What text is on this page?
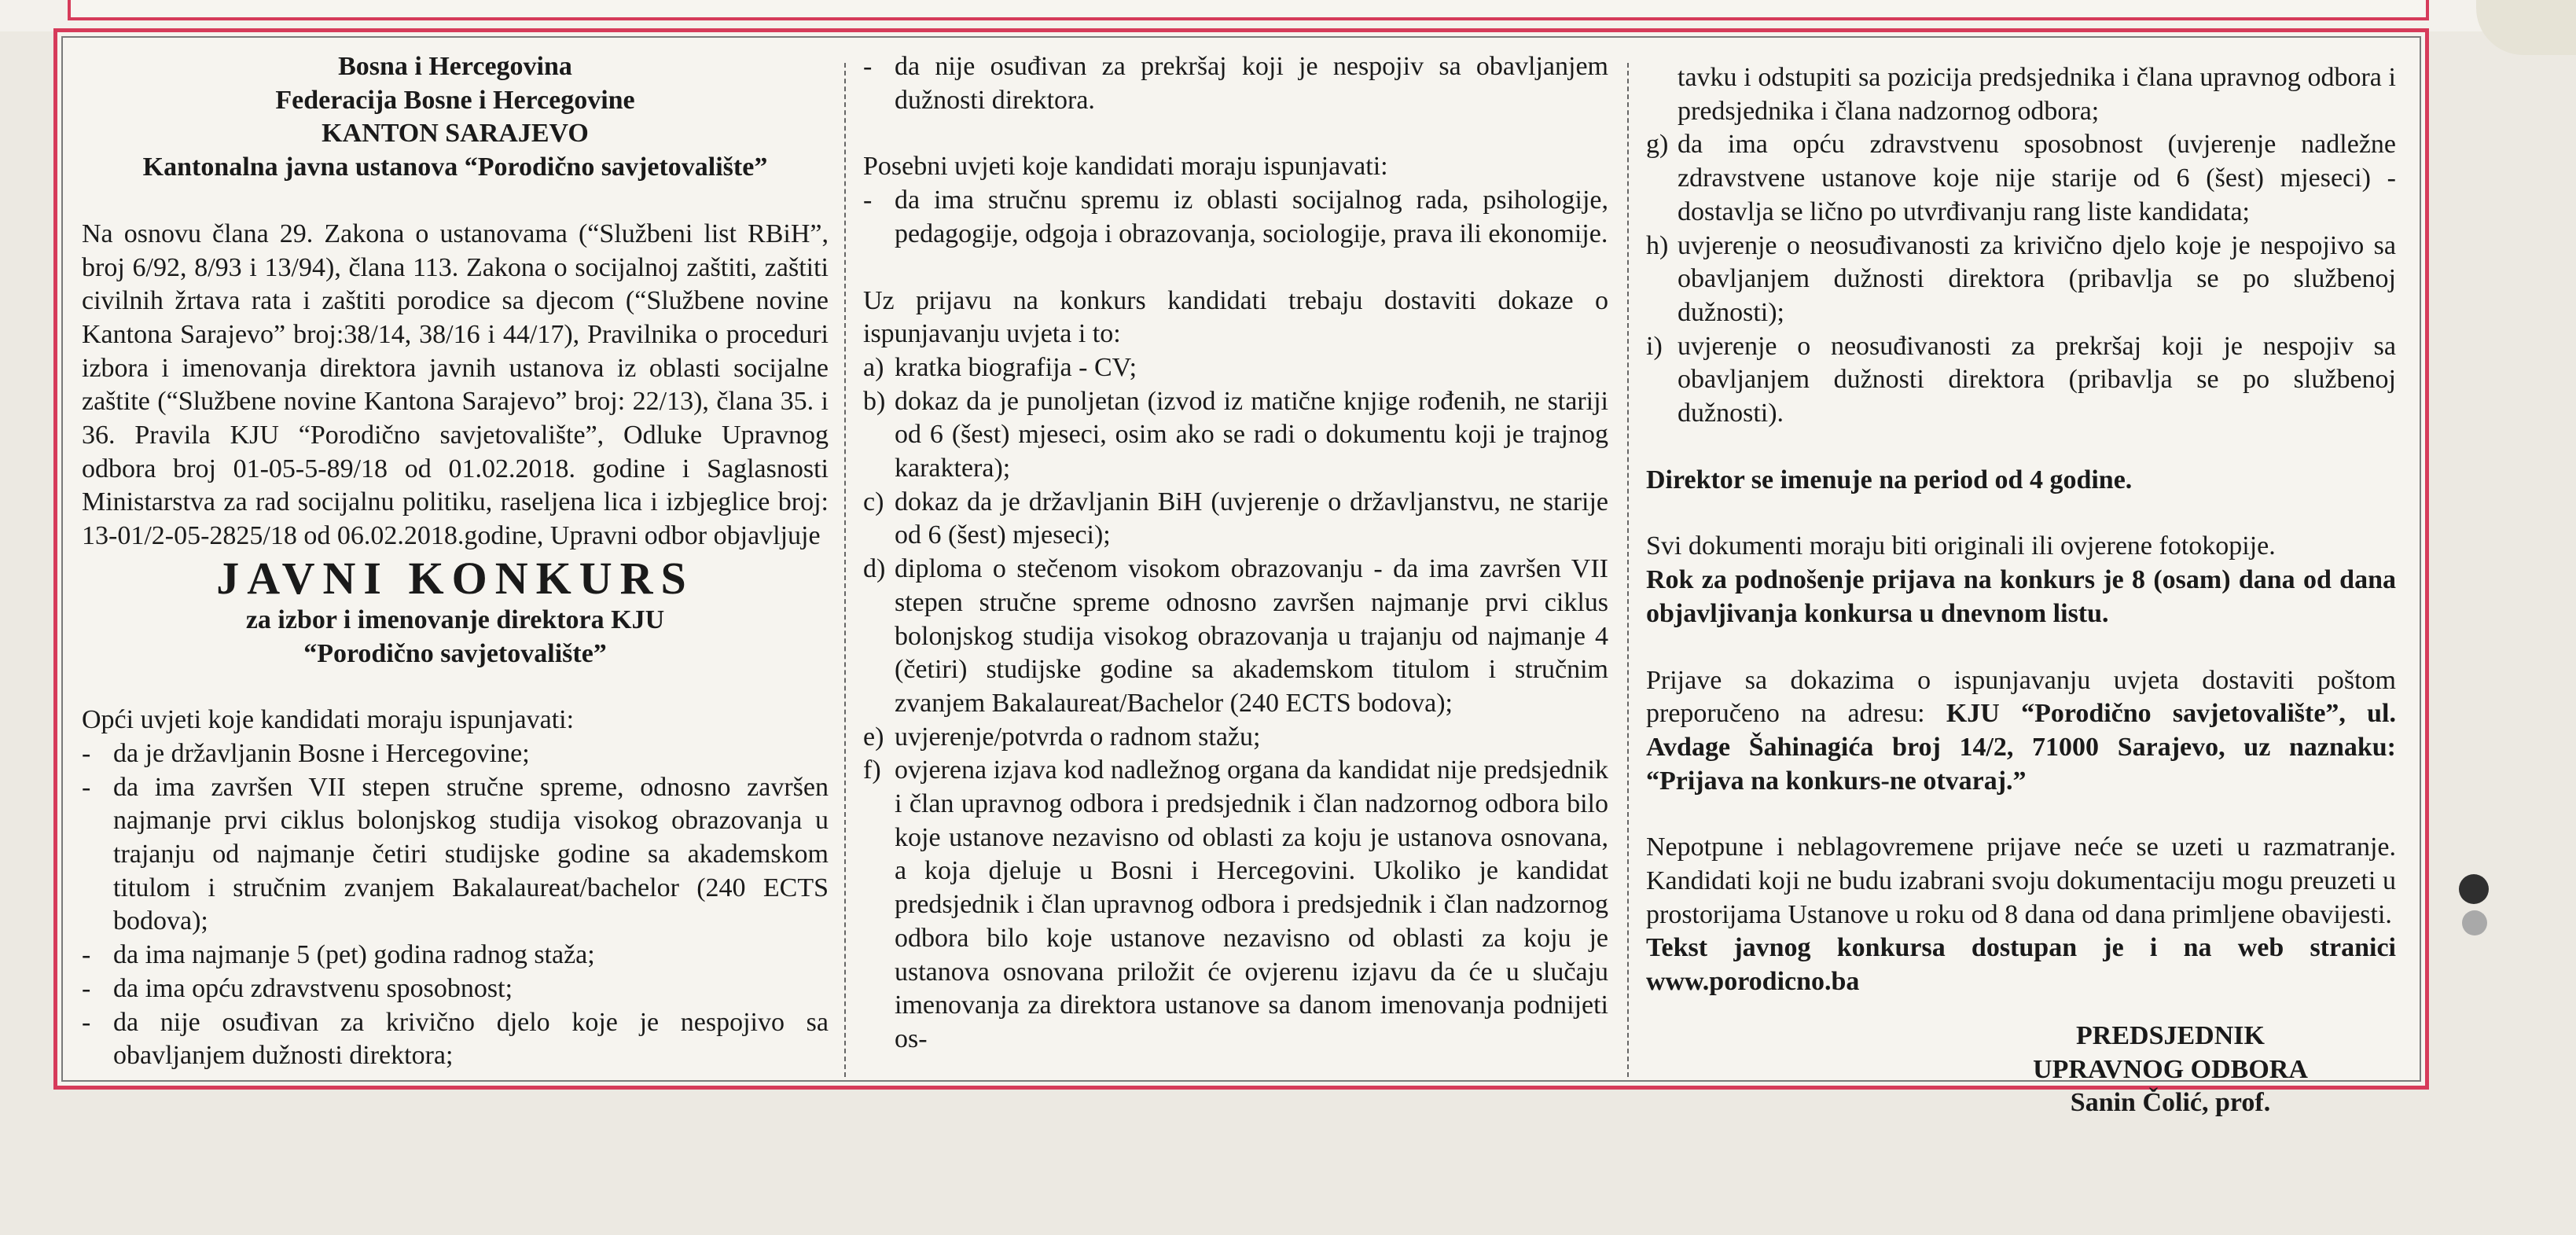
Bosna i Hercegovina

Federacija Bosne i Hercegovine

KANTON SARAJEVO

Kantonalna javna ustanova “Porodično savjetovalište”

Na osnovu člana 29. Zakona o ustanovama (“Službeni list RBiH”, broj 6/92, 8/93 i 13/94), člana 113. Zakona o socijalnoj zaštiti, zaštiti civilnih žrtava rata i zaštiti porodice sa djecom (“Službene novine Kantona Sarajevo” broj:38/14, 38/16 i 44/17), Pravilnika o proceduri izbora i imenovanja direktora javnih ustanova iz oblasti socijalne zaštite (“Službene novine Kantona Sarajevo” broj: 22/13), člana 35. i 36. Pravila KJU “Porodično savjetovalište”, Odluke Upravnog odbora broj 01-05-5-89/18 od 01.02.2018. godine i Saglasnosti Ministarstva za rad socijalnu politiku, raseljena lica i izbjeglice broj: 13-01/2-05-2825/18 od 06.02.2018.godine, Upravni odbor objavljuje

JAVNI KONKURS

za izbor i imenovanje direktora KJU

“Porodično savjetovalište”

Opći uvjeti koje kandidati moraju ispunjavati:

- da je državljanin Bosne i Hercegovine;
- da ima završen VII stepen stručne spreme, odnosno završen najmanje prvi ciklus bolonjskog studija visokog obrazovanja u trajanju od najmanje četiri studijske godine sa akademskom titulom i stručnim zvanjem Bakalaureat/bachelor (240 ECTS bodova);
- da ima najmanje 5 (pet) godina radnog staža;
- da ima opću zdravstvenu sposobnost;
- da nije osuđivan za krivično djelo koje je nespojivo sa obavljanjem dužnosti direktora;
- da nije osuđivan za prekršaj koji je nespojiv sa obavljanjem dužnosti direktora.

Posebni uvjeti koje kandidati moraju ispunjavati:

- da ima stručnu spremu iz oblasti socijalnog rada, psihologije, pedagogije, odgoja i obrazovanja, sociologije, prava ili ekonomije.

Uz prijavu na konkurs kandidati trebaju dostaviti dokaze o ispunjavanju uvjeta i to:

a) kratka biografija - CV;
b) dokaz da je punoljetan (izvod iz matične knjige rođenih, ne stariji od 6 (šest) mjeseci, osim ako se radi o dokumentu koji je trajnog karaktera);
c) dokaz da je državljanin BiH (uvjerenje o državljanstvu, ne starije od 6 (šest) mjeseci);
d) diploma o stečenom visokom obrazovanju - da ima završen VII stepen stručne spreme odnosno završen najmanje prvi ciklus bolonjskog studija visokog obrazovanja u trajanju od najmanje 4 (četiri) studijske godine sa akademskom titulom i stručnim zvanjem Bakalaureat/Bachelor (240 ECTS bodova);
e) uvjerenje/potvrda o radnom stažu;
f) ovjerena izjava kod nadležnog organa da kandidat nije predsjednik i član upravnog odbora i predsjednik i član nadzornog odbora bilo koje ustanove nezavisno od oblasti za koju je ustanova osnovana, a koja djeluje u Bosni i Hercegovini. Ukoliko je kandidat predsjednik i član upravnog odbora i predsjednik i član nadzornog odbora bilo koje ustanove nezavisno od oblasti za koju je ustanova osnovana priložit će ovjerenu izjavu da će u slučaju imenovanja za direktora ustanove sa danom imenovanja podnijeti os-
tavku i odstupiti sa pozicija predsjednika i člana upravnog odbora i predsjednika i člana nadzornog odbora;
g) da ima opću zdravstvenu sposobnost (uvjerenje nadležne zdravstvene ustanove koje nije starije od 6 (šest) mjeseci) - dostavlja se lično po utvrđivanju rang liste kandidata;
h) uvjerenje o neosuđivanosti za krivično djelo koje je nespojivo sa obavljanjem dužnosti direktora (pribavlja se po službenoj dužnosti);
i) uvjerenje o neosuđivanosti za prekršaj koji je nespojiv sa obavljanjem dužnosti direktora (pribavlja se po službenoj dužnosti).

Direktor se imenuje na period od 4 godine.

Svi dokumenti moraju biti originali ili ovjerene fotokopije.

Rok za podnošenje prijava na konkurs je 8 (osam) dana od dana objavljivanja konkursa u dnevnom listu.

Prijave sa dokazima o ispunjavanju uvjeta dostaviti poštom preporučeno na adresu: KJU “Porodično savjetovalište”, ul. Avdage Šahinagića broj 14/2, 71000 Sarajevo, uz naznaku: “Prijava na konkurs-ne otvaraj.”

Nepotpune i neblagovremene prijave neće se uzeti u razmatranje. Kandidati koji ne budu izabrani svoju dokumentaciju mogu preuzeti u prostorijama Ustanove u roku od 8 dana od dana primljene obavijesti.

Tekst javnog konkursa dostupan je i na web stranici www.porodicno.ba

PREDSJEDNIK

UPRAVNOG ODBORA

Sanin Čolić, prof.
